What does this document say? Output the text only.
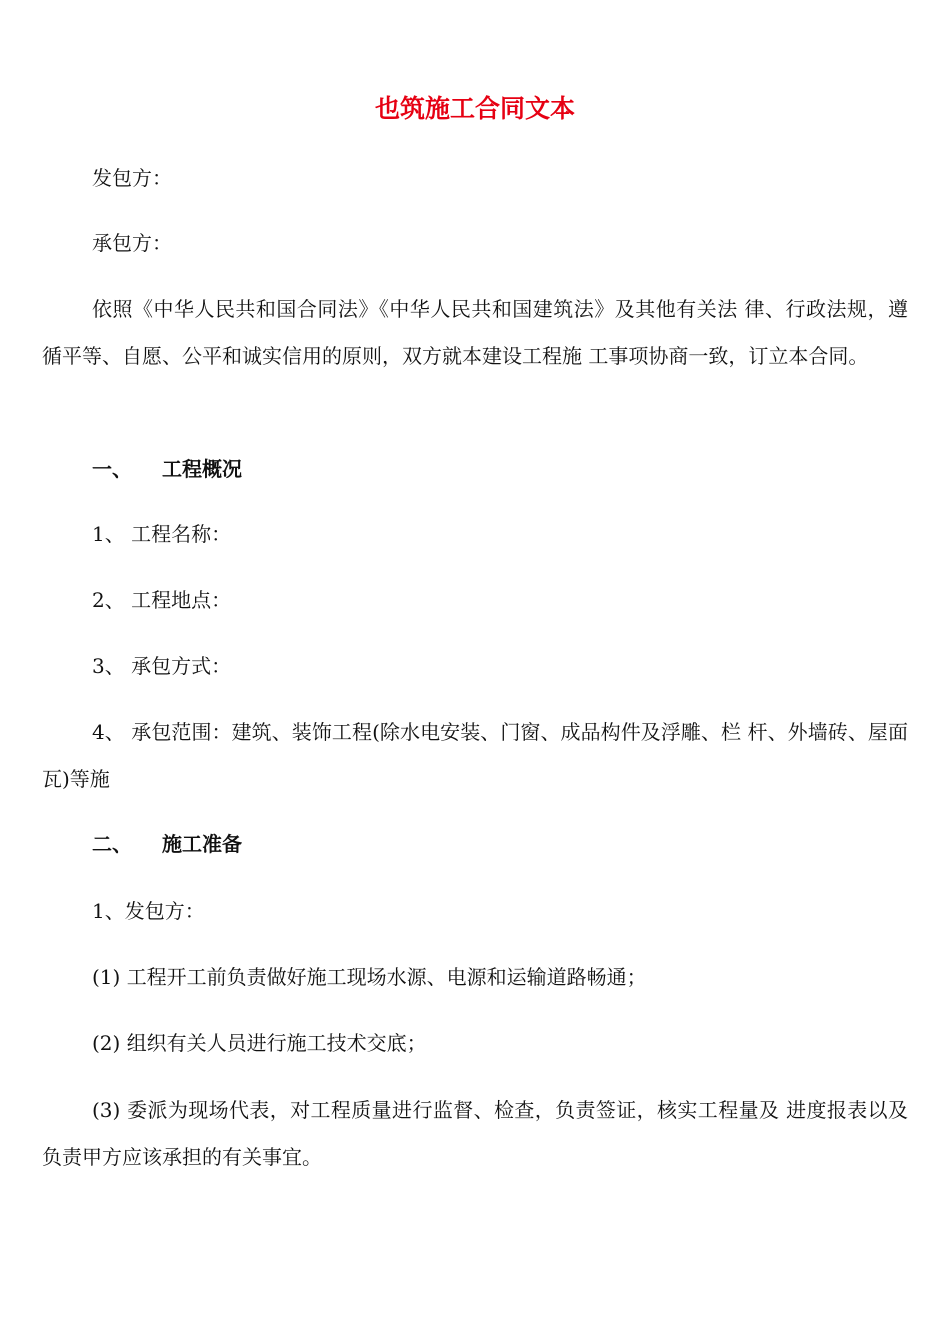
也筑施工合同文本
发包方：
承包方：
依照《中华人民共和国合同法》《中华人民共和国建筑法》及其他有关法 律、行政法规，遵循平等、自愿、公平和诚实信用的原则，双方就本建设工程施 工事项协商一致，订立本合同。
一、 工程概况
1、 工程名称：
2、 工程地点：
3、 承包方式：
4、 承包范围：建筑、装饰工程(除水电安装、门窗、成品构件及浮雕、栏 杆、外墙砖、屋面瓦)等施
二、 施工准备
1、发包方：
(1) 工程开工前负责做好施工现场水源、电源和运输道路畅通；
(2) 组织有关人员进行施工技术交底；
(3) 委派为现场代表，对工程质量进行监督、检查，负责签证，核实工程量及 进度报表以及负责甲方应该承担的有关事宜。
